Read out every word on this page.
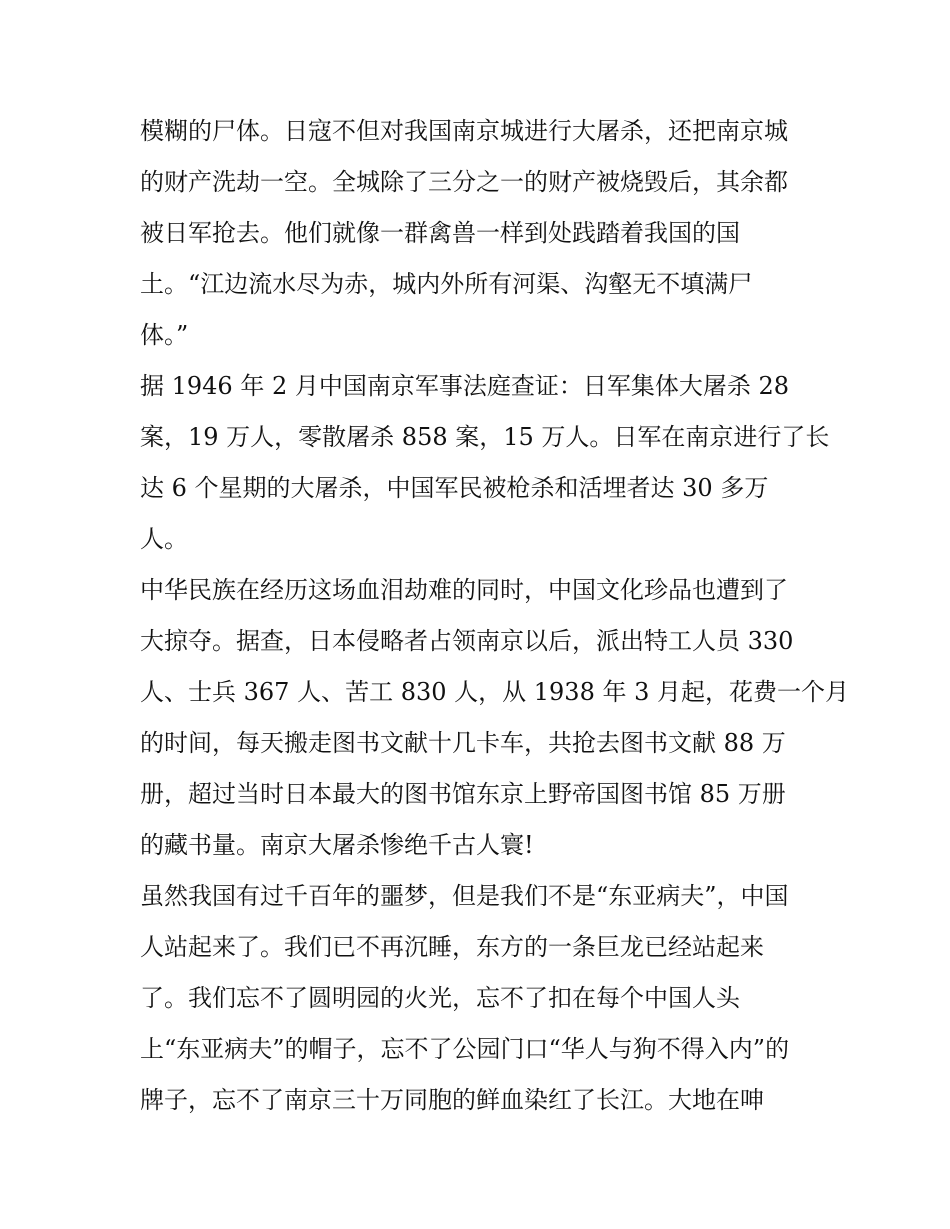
模糊的尸体。日寇不但对我国南京城进行大屠杀，还把南京城
的财产洗劫一空。全城除了三分之一的财产被烧毁后，其余都
被日军抢去。他们就像一群禽兽一样到处践踏着我国的国
土。“江边流水尽为赤，城内外所有河渠、沟壑无不填满尸
体。”
据 1946 年 2 月中国南京军事法庭查证：日军集体大屠杀 28
案，19 万人，零散屠杀 858 案，15 万人。日军在南京进行了长
达 6 个星期的大屠杀，中国军民被枪杀和活埋者达 30 多万
人。
中华民族在经历这场血泪劫难的同时，中国文化珍品也遭到了
大掠夺。据查，日本侵略者占领南京以后，派出特工人员 330
人、士兵 367 人、苦工 830 人，从 1938 年 3 月起，花费一个月
的时间，每天搬走图书文献十几卡车，共抢去图书文献 88 万
册，超过当时日本最大的图书馆东京上野帝国图书馆 85 万册
的藏书量。南京大屠杀惨绝千古人寰!
虽然我国有过千百年的噩梦，但是我们不是“东亚病夫”，中国
人站起来了。我们已不再沉睡，东方的一条巨龙已经站起来
了。我们忘不了圆明园的火光，忘不了扣在每个中国人头
上“东亚病夫”的帽子，忘不了公园门口“华人与狗不得入内”的
牌子，忘不了南京三十万同胞的鲜血染红了长江。大地在呻
